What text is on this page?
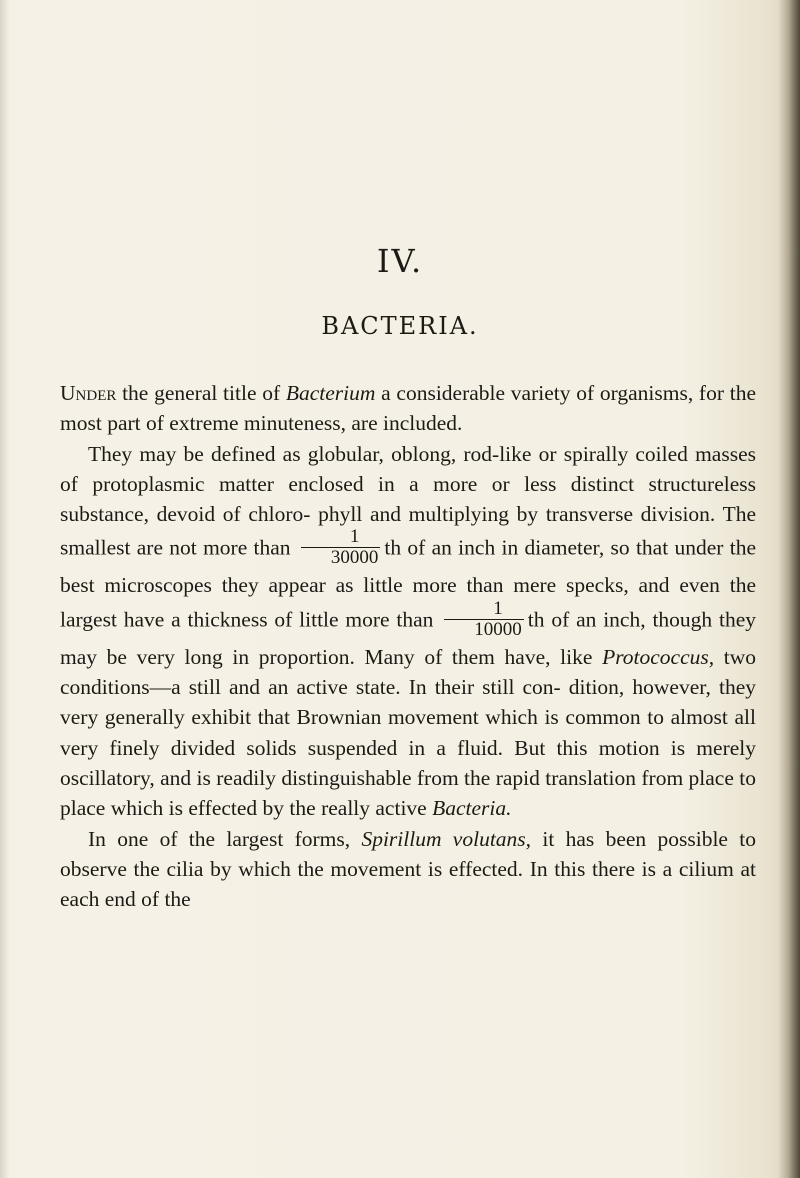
IV.
BACTERIA.

Under the general title of Bacterium a considerable variety of organisms, for the most part of extreme minuteness, are included.

They may be defined as globular, oblong, rod-like or spirally coiled masses of protoplasmic matter enclosed in a more or less distinct structureless substance, devoid of chloro- phyll and multiplying by transverse division. The smallest are not more than $\frac{1}{30000}$ th of an inch in diameter, so that under the best microscopes they appear as little more than mere specks, and even the largest have a thickness of little more than $\frac{1}{10000}$ th of an inch, though they may be very long in proportion. Many of them have, like Protococcus, two conditions—a still and an active state. In their still con- dition, however, they very generally exhibit that Brownian movement which is common to almost all very finely divided solids suspended in a fluid. But this motion is merely oscillatory, and is readily distinguishable from the rapid translation from place to place which is effected by the really active Bacteria.

In one of the largest forms, Spirillum volutans, it has been possible to observe the cilia by which the movement is effected. In this there is a cilium at each end of the
